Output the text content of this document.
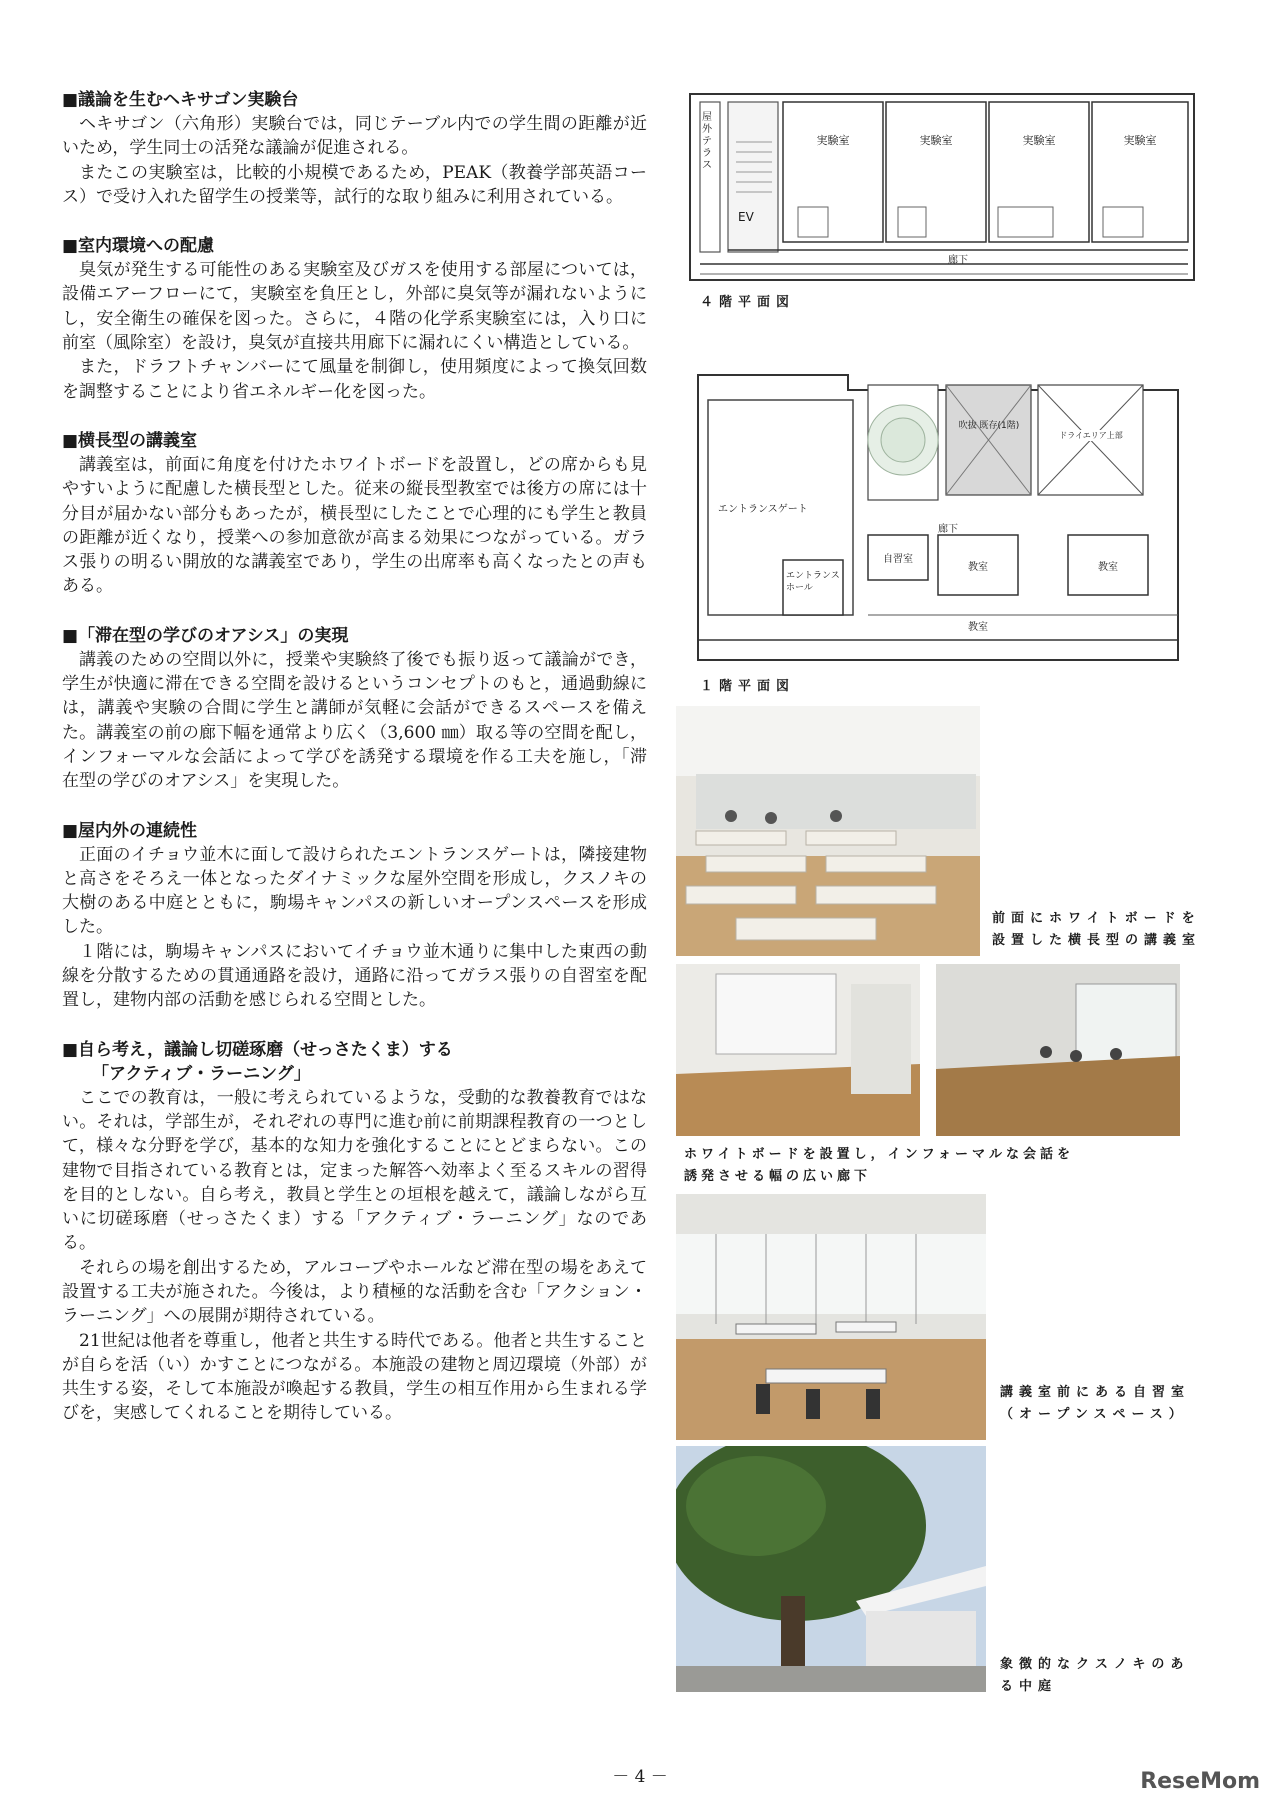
■議論を生むヘキサゴン実験台

ヘキサゴン（六角形）実験台では，同じテーブル内での学生間の距離が近いため，学生同士の活発な議論が促進される。

またこの実験室は，比較的小規模であるため，PEAK（教養学部英語コース）で受け入れた留学生の授業等，試行的な取り組みに利用されている。

■室内環境への配慮

臭気が発生する可能性のある実験室及びガスを使用する部屋については，設備エアーフローにて，実験室を負圧とし，外部に臭気等が漏れないようにし，安全衛生の確保を図った。さらに，４階の化学系実験室には，入り口に前室（風除室）を設け，臭気が直接共用廊下に漏れにくい構造としている。

また，ドラフトチャンバーにて風量を制御し，使用頻度によって換気回数を調整することにより省エネルギー化を図った。

■横長型の講義室

講義室は，前面に角度を付けたホワイトボードを設置し，どの席からも見やすいように配慮した横長型とした。従来の縦長型教室では後方の席には十分目が届かない部分もあったが，横長型にしたことで心理的にも学生と教員の距離が近くなり，授業への参加意欲が高まる効果につながっている。ガラス張りの明るい開放的な講義室であり，学生の出席率も高くなったとの声もある。

■「滞在型の学びのオアシス」の実現

講義のための空間以外に，授業や実験終了後でも振り返って議論ができ，学生が快適に滞在できる空間を設けるというコンセプトのもと，通過動線には，講義や実験の合間に学生と講師が気軽に会話ができるスペースを備えた。講義室の前の廊下幅を通常より広く（3,600 ㎜）取る等の空間を配し，インフォーマルな会話によって学びを誘発する環境を作る工夫を施し，「滞在型の学びのオアシス」を実現した。

■屋内外の連続性

正面のイチョウ並木に面して設けられたエントランスゲートは，隣接建物と高さをそろえ一体となったダイナミックな屋外空間を形成し，クスノキの大樹のある中庭とともに，駒場キャンパスの新しいオープンスペースを形成した。

１階には，駒場キャンパスにおいてイチョウ並木通りに集中した東西の動線を分散するための貫通通路を設け，通路に沿ってガラス張りの自習室を配置し，建物内部の活動を感じられる空間とした。

■自ら考え，議論し切磋琢磨（せっさたくま）する

「アクティブ・ラーニング」

ここでの教育は，一般に考えられているような，受動的な教養教育ではない。それは，学部生が，それぞれの専門に進む前に前期課程教育の一つとして，様々な分野を学び，基本的な知力を強化することにとどまらない。この建物で目指されている教育とは，定まった解答へ効率よく至るスキルの習得を目的としない。自ら考え，教員と学生との垣根を越えて，議論しながら互いに切磋琢磨（せっさたくま）する「アクティブ・ラーニング」なのである。

それらの場を創出するため，アルコーブやホールなど滞在型の場をあえて設置する工夫が施された。今後は，より積極的な活動を含む「アクション・ラーニング」への展開が期待されている。

21世紀は他者を尊重し，他者と共生する時代である。他者と共生することが自らを活（い）かすことにつながる。本施設の建物と周辺環境（外部）が共生する姿，そして本施設が喚起する教員，学生の相互作用から生まれる学びを，実感してくれることを期待している。

屋外テラス
EV
実験室	実験室	実験室	実験室
廊下
４階平面図
エントランスゲート
エントランスホール
吹抜 既存(1階)
ドライエリア上部
自習室
教室	教室
教室
廊下
１階平面図
前面にホワイトボードを
設置した横長型の講義室
ホワイトボードを設置し，インフォーマルな会話を
誘発させる幅の広い廊下
講義室前にある自習室
（オープンスペース）
象徴的なクスノキのあ
る中庭
－ 4 －	ReseMom
